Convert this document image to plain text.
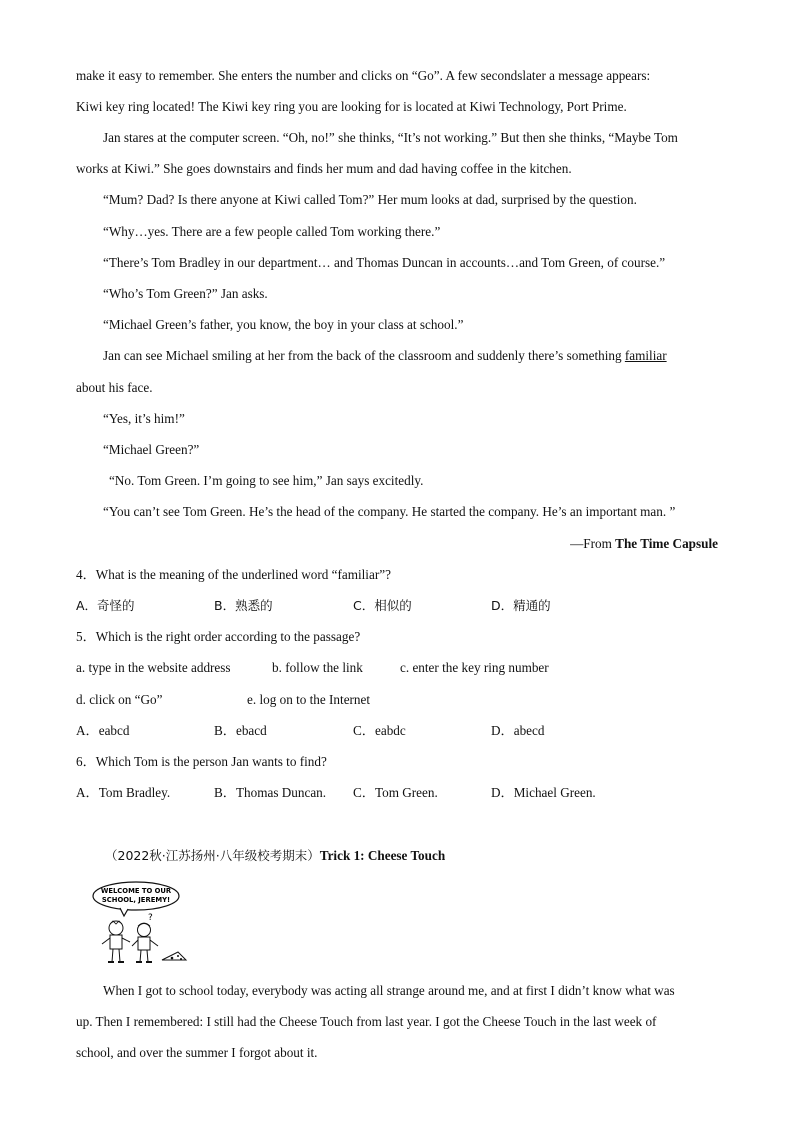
make it easy to remember. She enters the number and clicks on “Go”. A few secondslater a message appears:
Kiwi key ring located! The Kiwi key ring you are looking for is located at Kiwi Technology, Port Prime.
Jan stares at the computer screen. “Oh, no!” she thinks, “It’s not working.” But then she thinks, “Maybe Tom
works at Kiwi.” She goes downstairs and finds her mum and dad having coffee in the kitchen.
“Mum? Dad? Is there anyone at Kiwi called Tom?” Her mum looks at dad, surprised by the question.
“Why…yes. There are a few people called Tom working there.”
“There’s Tom Bradley in our department… and Thomas Duncan in accounts…and Tom Green, of course.”
“Who’s Tom Green?” Jan asks.
“Michael Green’s father, you know, the boy in your class at school.”
Jan can see Michael smiling at her from the back of the classroom and suddenly there’s something familiar
about his face.
“Yes, it’s him!”
“Michael Green?”
“No. Tom Green. I’m going to see him,” Jan says excitedly.
“You can’t see Tom Green. He’s the head of the company. He started the company. He’s an important man. ”
—From The Time Capsule
4．What is the meaning of the underlined word “familiar”?
A．奇怪的	B．熟悉的	C．相似的	D．精通的
5．Which is the right order according to the passage?
a. type in the website address	b. follow the link	c. enter the key ring number
d. click on “Go”	e. log on to the Internet
A．eabcd	B．ebacd	C．eabdc	D．abecd
6．Which Tom is the person Jan wants to find?
A．Tom Bradley.	B．Thomas Duncan. C．Tom Green.	D．Michael Green.
（2022秋·江苏扬州·八年级校考期末）Trick 1: Cheese Touch
WELCOME TO OUR
SCHOOL, JEREMY!
?
When I got to school today, everybody was acting all strange around me, and at first I didn’t know what was
up. Then I remembered: I still had the Cheese Touch from last year. I got the Cheese Touch in the last week of
school, and over the summer I forgot about it.
